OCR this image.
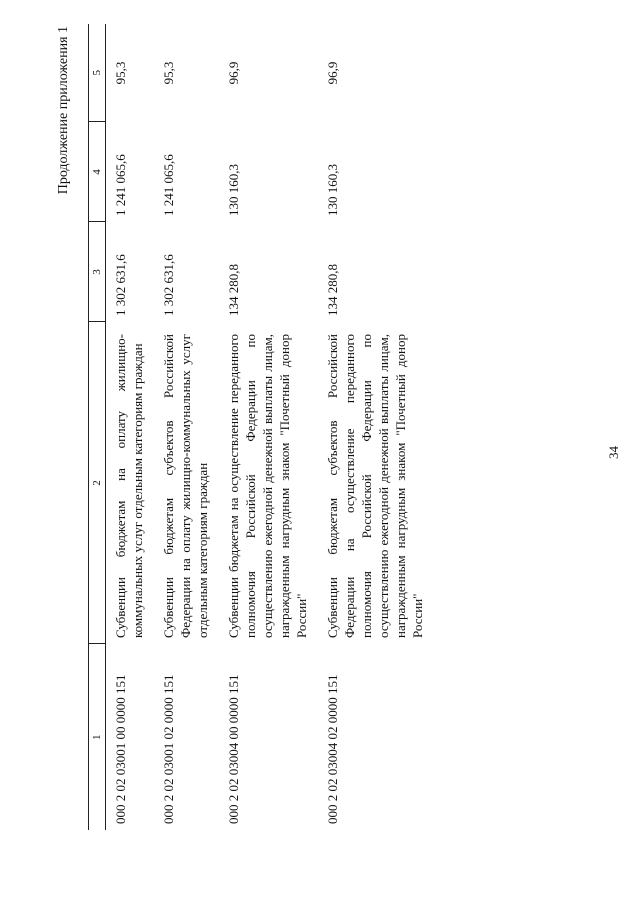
34
Продолжение приложения 1
1	2	3	4	5
000 2 02 03001 00 0000 151	Субвенции бюджетам на оплату жилищно-коммунальных услуг отдельным категориям граждан	1 302 631,6	1 241 065,6	95,3
000 2 02 03001 02 0000 151	Субвенции бюджетам субъектов Российской Федерации на оплату жилищно-коммунальных услуг отдельным категориям граждан	1 302 631,6	1 241 065,6	95,3
000 2 02 03004 00 0000 151	Субвенции бюджетам на осуществление переданного полномочия Российской Федерации по осуществлению ежегодной денежной выплаты лицам, награжденным нагрудным знаком "Почетный донор России"	134 280,8	130 160,3	96,9
000 2 02 03004 02 0000 151	Субвенции бюджетам субъектов Российской Федерации на осуществление переданного полномочия Российской Федерации по осуществлению ежегодной денежной выплаты лицам, награжденным нагрудным знаком "Почетный донор России"	134 280,8	130 160,3	96,9
